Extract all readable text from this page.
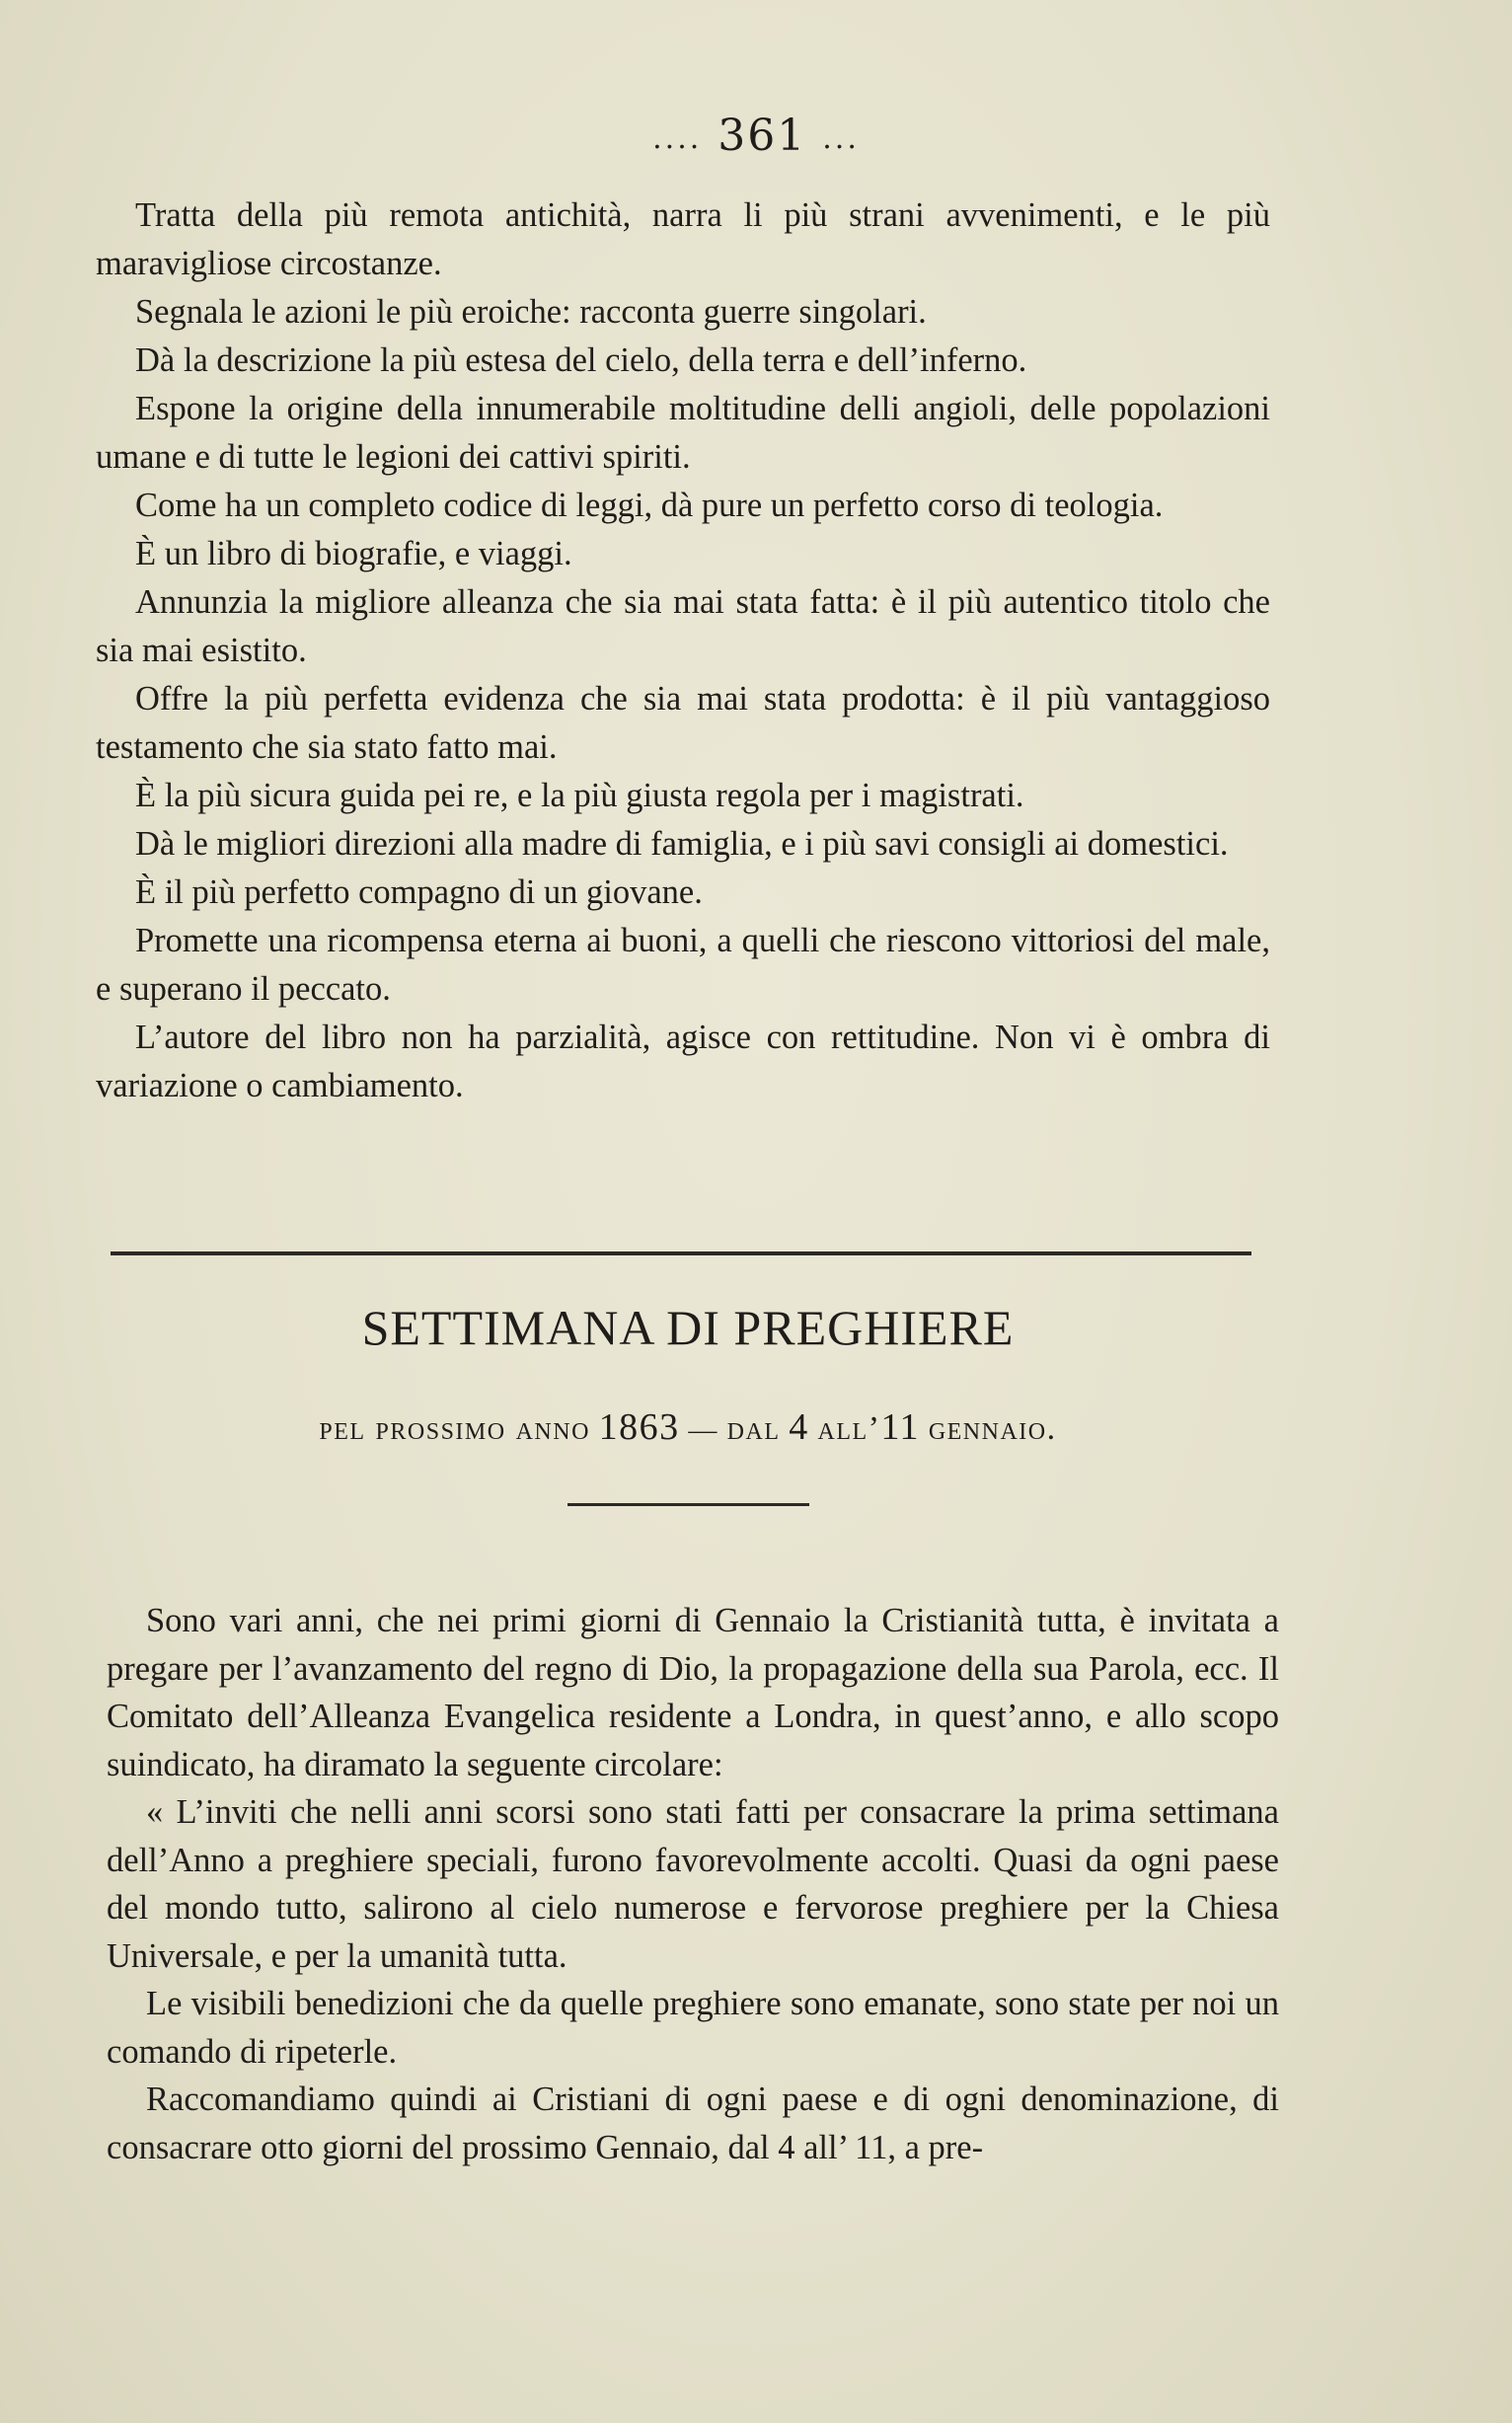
.... 361 ...

Tratta della più remota antichità, narra li più strani avvenimenti, e le più maravigliose circostanze.

Segnala le azioni le più eroiche: racconta guerre singolari.

Dà la descrizione la più estesa del cielo, della terra e dell’inferno.

Espone la origine della innumerabile moltitudine delli angioli, delle popolazioni umane e di tutte le legioni dei cattivi spiriti.

Come ha un completo codice di leggi, dà pure un perfetto corso di teologia.

È un libro di biografie, e viaggi.

Annunzia la migliore alleanza che sia mai stata fatta: è il più autentico titolo che sia mai esistito.

Offre la più perfetta evidenza che sia mai stata prodotta: è il più vantaggioso testamento che sia stato fatto mai.

È la più sicura guida pei re, e la più giusta regola per i magistrati.

Dà le migliori direzioni alla madre di famiglia, e i più savi consigli ai domestici.

È il più perfetto compagno di un giovane.

Promette una ricompensa eterna ai buoni, a quelli che riescono vittoriosi del male, e superano il peccato.

L’autore del libro non ha parzialità, agisce con rettitudine. Non vi è ombra di variazione o cambiamento.

SETTIMANA DI PREGHIERE
pel prossimo anno 1863 — dal 4 all’11 gennaio.

Sono vari anni, che nei primi giorni di Gennaio la Cristianità tutta, è invitata a pregare per l’avanzamento del regno di Dio, la propagazione della sua Parola, ecc. Il Comitato dell’Alleanza Evangelica residente a Londra, in quest’anno, e allo scopo suindicato, ha diramato la seguente circolare:

« L’inviti che nelli anni scorsi sono stati fatti per consacrare la prima settimana dell’Anno a preghiere speciali, furono favorevolmente accolti. Quasi da ogni paese del mondo tutto, salirono al cielo numerose e fervorose preghiere per la Chiesa Universale, e per la umanità tutta.

Le visibili benedizioni che da quelle preghiere sono emanate, sono state per noi un comando di ripeterle.

Raccomandiamo quindi ai Cristiani di ogni paese e di ogni denominazione, di consacrare otto giorni del prossimo Gennaio, dal 4 all’ 11, a pre-
